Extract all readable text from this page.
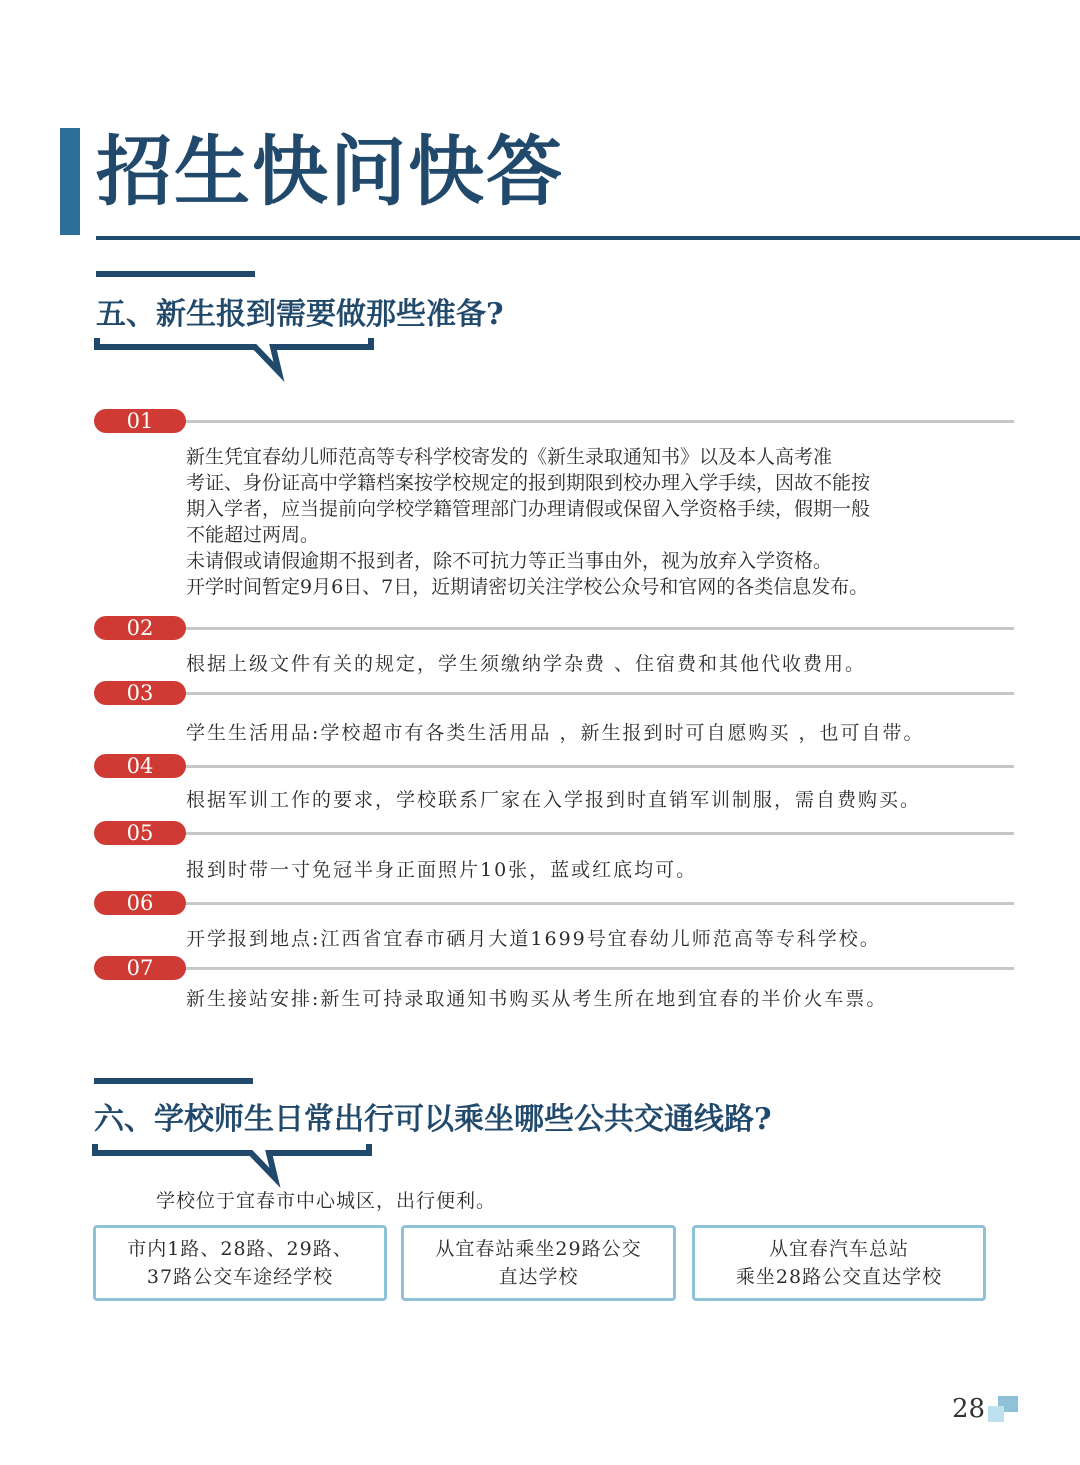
招生快问快答
五、新生报到需要做那些准备?
01

新生凭宜春幼儿师范高等专科学校寄发的《新生录取通知书》以及本人高考准

考证、身份证高中学籍档案按学校规定的报到期限到校办理入学手续，因故不能按

期入学者，应当提前向学校学籍管理部门办理请假或保留入学资格手续，假期一般

不能超过两周。

未请假或请假逾期不报到者，除不可抗力等正当事由外，视为放弃入学资格。

开学时间暂定9月6日、7日，近期请密切关注学校公众号和官网的各类信息发布。

02

根据上级文件有关的规定，学生须缴纳学杂费 、住宿费和其他代收费用。

03

学生生活用品:学校超市有各类生活用品 ，新生报到时可自愿购买 ，也可自带。

04

根据军训工作的要求，学校联系厂家在入学报到时直销军训制服，需自费购买。

05

报到时带一寸免冠半身正面照片10张，蓝或红底均可。

06

开学报到地点:江西省宜春市硒月大道1699号宜春幼儿师范高等专科学校。

07

新生接站安排:新生可持录取通知书购买从考生所在地到宜春的半价火车票。

六、学校师生日常出行可以乘坐哪些公共交通线路?

学校位于宜春市中心城区，出行便利。

市内1路、28路、29路、
37路公交车途经学校

从宜春站乘坐29路公交
直达学校

从宜春汽车总站
乘坐28路公交直达学校

28
